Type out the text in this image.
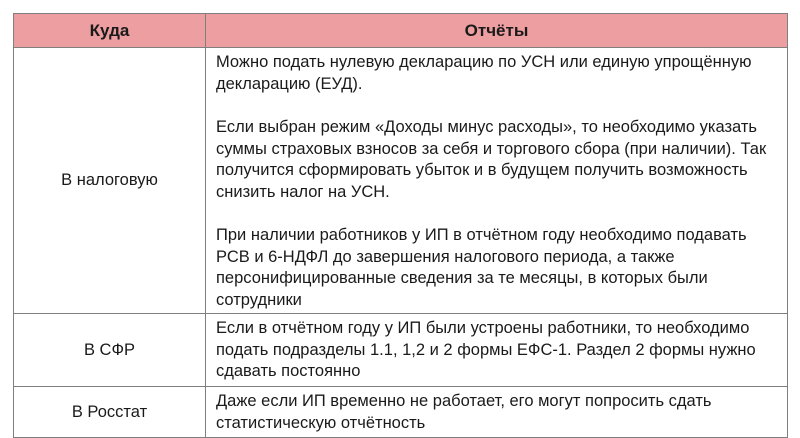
Куда	Отчёты
В налоговую	Можно подать нулевую декларацию по УСН или единую упрощённую декларацию (ЕУД).

Если выбран режим «Доходы минус расходы», то необходимо указать суммы страховых взносов за себя и торгового сбора (при наличии). Так получится сформировать убыток и в будущем получить возможность снизить налог на УСН.

При наличии работников у ИП в отчётном году необходимо подавать РСВ и 6-НДФЛ до завершения налогового периода, а также персонифицированные сведения за те месяцы, в которых были сотрудники

В СФР	Если в отчётном году у ИП были устроены работники, то необходимо подать подразделы 1.1, 1,2 и 2 формы ЕФС-1. Раздел 2 формы нужно сдавать постоянно

В Росстат	Даже если ИП временно не работает, его могут попросить сдать статистическую отчётность
